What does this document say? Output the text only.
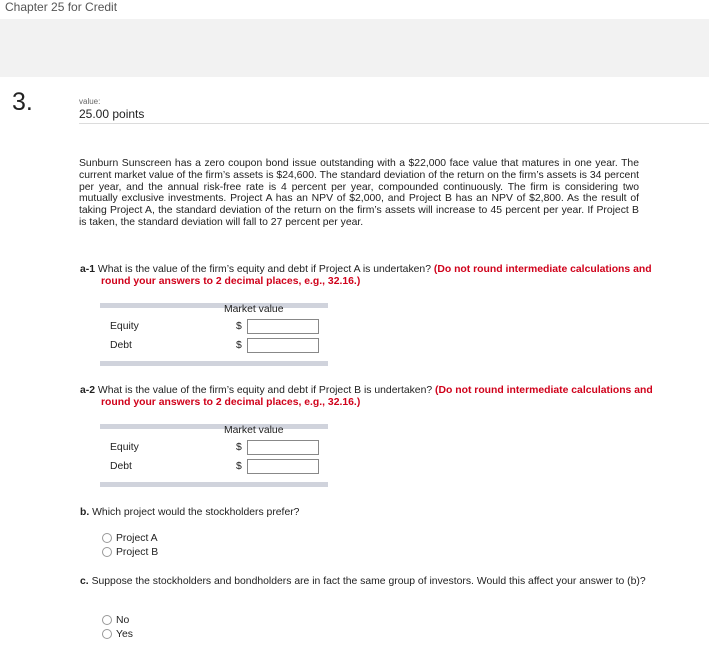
Chapter 25 for Credit
3.	value:
25.00 points
Sunburn Sunscreen has a zero coupon bond issue outstanding with a $22,000 face value that matures in one year. The current market value of the firm’s assets is $24,600. The standard deviation of the return on the firm’s assets is 34 percent per year, and the annual risk-free rate is 4 percent per year, compounded continuously. The firm is considering two mutually exclusive investments. Project A has an NPV of $2,000, and Project B has an NPV of $2,800. As the result of taking Project A, the standard deviation of the return on the firm’s assets will increase to 45 percent per year. If Project B is taken, the standard deviation will fall to 27 percent per year.
a-1 What is the value of the firm’s equity and debt if Project A is undertaken? (Do not round intermediate calculations and round your answers to 2 decimal places, e.g., 32.16.)
Market value
Equity	$
Debt	$
a-2 What is the value of the firm’s equity and debt if Project B is undertaken? (Do not round intermediate calculations and round your answers to 2 decimal places, e.g., 32.16.)
Market value
Equity	$
Debt	$
b. Which project would the stockholders prefer?
Project A
Project B
c. Suppose the stockholders and bondholders are in fact the same group of investors. Would this affect your answer to (b)?
No
Yes
